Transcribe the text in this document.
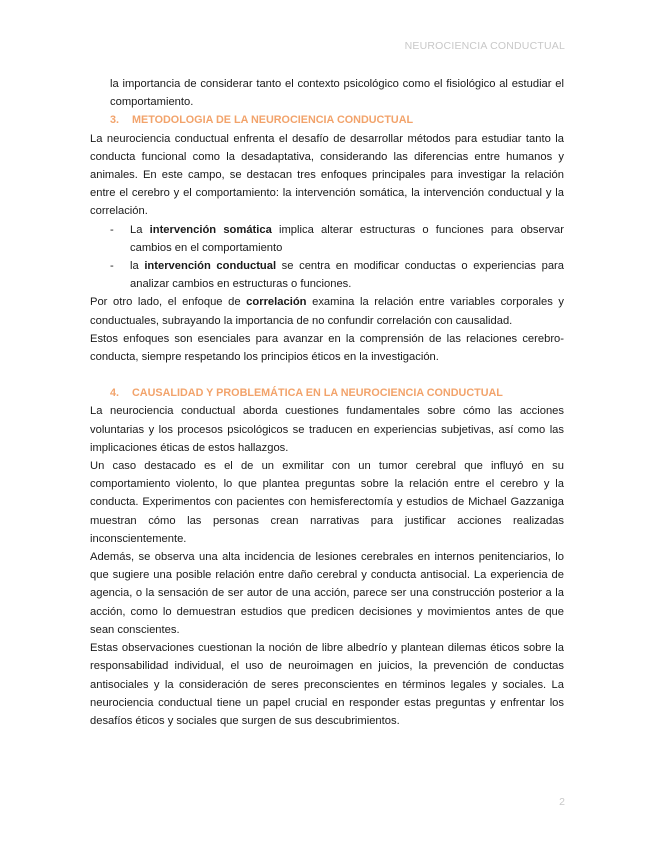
NEUROCIENCIA CONDUCTUAL

la importancia de considerar tanto el contexto psicológico como el fisiológico al estudiar el comportamiento.

3. METODOLOGIA DE LA NEUROCIENCIA CONDUCTUAL

La neurociencia conductual enfrenta el desafío de desarrollar métodos para estudiar tanto la conducta funcional como la desadaptativa, considerando las diferencias entre humanos y animales. En este campo, se destacan tres enfoques principales para investigar la relación entre el cerebro y el comportamiento: la intervención somática, la intervención conductual y la correlación.

- La intervención somática implica alterar estructuras o funciones para observar cambios en el comportamiento
- la intervención conductual se centra en modificar conductas o experiencias para analizar cambios en estructuras o funciones.

Por otro lado, el enfoque de correlación examina la relación entre variables corporales y conductuales, subrayando la importancia de no confundir correlación con causalidad.

Estos enfoques son esenciales para avanzar en la comprensión de las relaciones cerebro-conducta, siempre respetando los principios éticos en la investigación.

4. CAUSALIDAD Y PROBLEMÁTICA EN LA NEUROCIENCIA CONDUCTUAL

La neurociencia conductual aborda cuestiones fundamentales sobre cómo las acciones voluntarias y los procesos psicológicos se traducen en experiencias subjetivas, así como las implicaciones éticas de estos hallazgos.

Un caso destacado es el de un exmilitar con un tumor cerebral que influyó en su comportamiento violento, lo que plantea preguntas sobre la relación entre el cerebro y la conducta. Experimentos con pacientes con hemisferectomía y estudios de Michael Gazzaniga muestran cómo las personas crean narrativas para justificar acciones realizadas inconscientemente.

Además, se observa una alta incidencia de lesiones cerebrales en internos penitenciarios, lo que sugiere una posible relación entre daño cerebral y conducta antisocial. La experiencia de agencia, o la sensación de ser autor de una acción, parece ser una construcción posterior a la acción, como lo demuestran estudios que predicen decisiones y movimientos antes de que sean conscientes.

Estas observaciones cuestionan la noción de libre albedrío y plantean dilemas éticos sobre la responsabilidad individual, el uso de neuroimagen en juicios, la prevención de conductas antisociales y la consideración de seres preconscientes en términos legales y sociales. La neurociencia conductual tiene un papel crucial en responder estas preguntas y enfrentar los desafíos éticos y sociales que surgen de sus descubrimientos.

2
